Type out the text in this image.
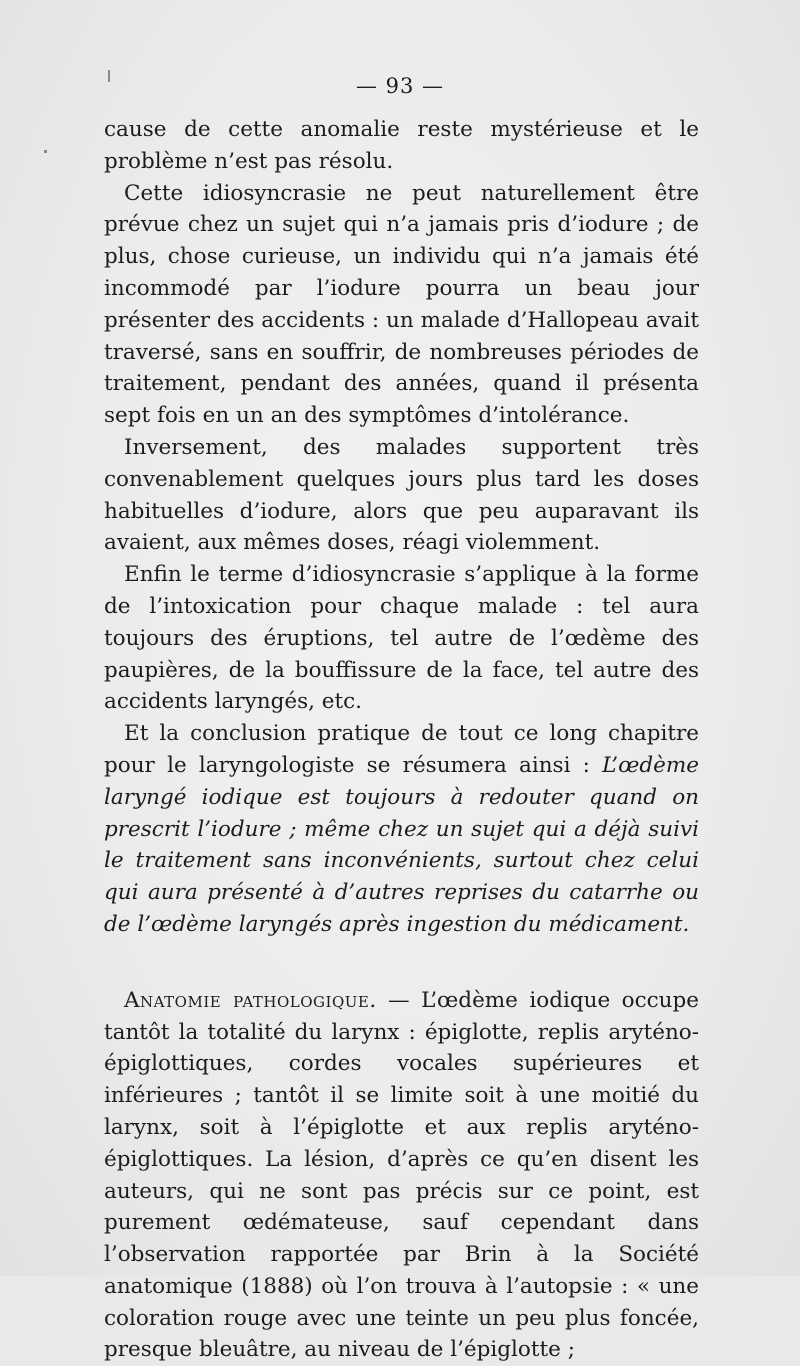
— 93 —

cause de cette anomalie reste mystérieuse et le problème n’est pas résolu.

Cette idiosyncrasie ne peut naturellement être prévue chez un sujet qui n’a jamais pris d’iodure ; de plus, chose curieuse, un individu qui n’a jamais été incommodé par l’iodure pourra un beau jour présenter des accidents : un malade d’Hallopeau avait traversé, sans en souffrir, de nombreuses périodes de traitement, pendant des années, quand il présenta sept fois en un an des symptômes d’intolérance.

Inversement, des malades supportent très convenablement quelques jours plus tard les doses habituelles d’iodure, alors que peu auparavant ils avaient, aux mêmes doses, réagi violemment.

Enfin le terme d’idiosyncrasie s’applique à la forme de l’intoxication pour chaque malade : tel aura toujours des éruptions, tel autre de l’œdème des paupières, de la bouffissure de la face, tel autre des accidents laryngés, etc.

Et la conclusion pratique de tout ce long chapitre pour le laryngologiste se résumera ainsi : L’œdème laryngé iodique est toujours à redouter quand on prescrit l’iodure ; même chez un sujet qui a déjà suivi le traitement sans inconvénients, surtout chez celui qui aura présenté à d’autres reprises du catarrhe ou de l’œdème laryngés après ingestion du médicament.

Anatomie pathologique. — L’œdème iodique occupe tantôt la totalité du larynx : épiglotte, replis aryténo-épiglottiques, cordes vocales supérieures et inférieures ; tantôt il se limite soit à une moitié du larynx, soit à l’épiglotte et aux replis aryténo-épiglottiques. La lésion, d’après ce qu’en disent les auteurs, qui ne sont pas précis sur ce point, est purement œdémateuse, sauf cependant dans l’observation rapportée par Brin à la Société anatomique (1888) où l’on trouva à l’autopsie : « une coloration rouge avec une teinte un peu plus foncée, presque bleuâtre, au niveau de l’épiglotte ;
